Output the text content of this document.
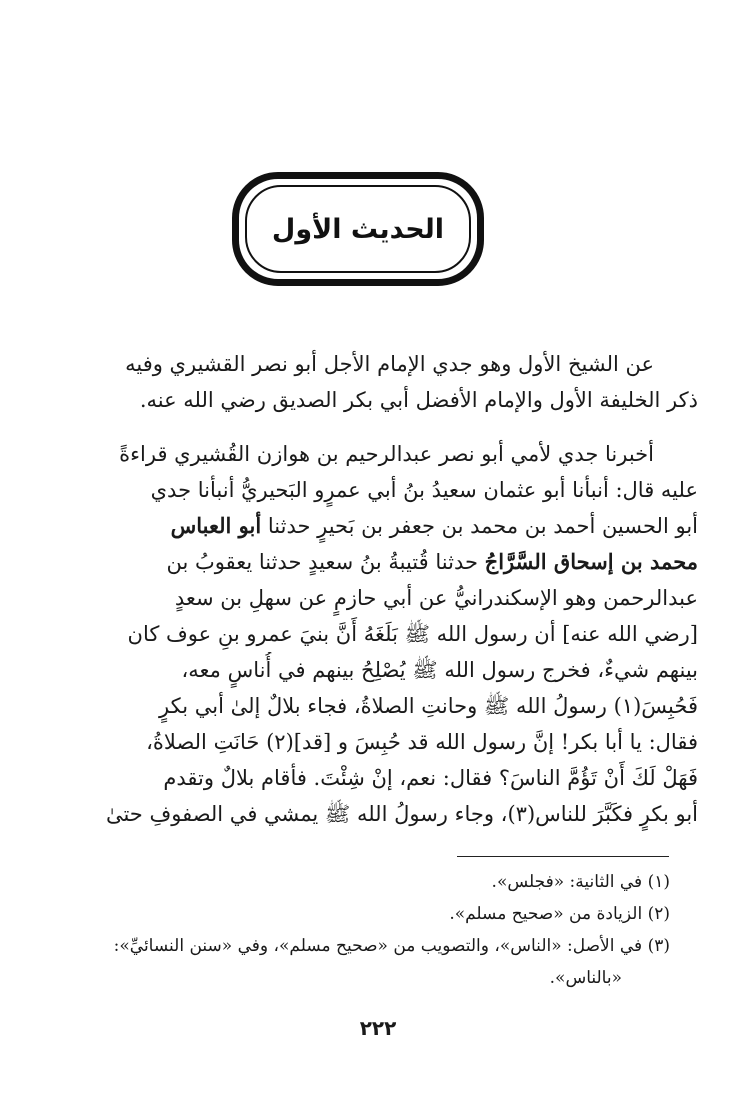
الحديث الأول
عن الشيخ الأول وهو جدي الإمام الأجل أبو نصر القشيري وفيه
ذكر الخليفة الأول والإمام الأفضل أبي بكر الصديق رضي الله عنه.
أخبرنا جدي لأمي أبو نصر عبدالرحيم بن هوازن القُشيري قراءةً
عليه قال: أنبأنا أبو عثمان سعيدُ بنُ أبي عمرٍو البَحيريُّ أنبأنا جدي
أبو الحسين أحمد بن محمد بن جعفر بن بَحيرٍ حدثنا أبو العباس
محمد بن إسحاق السَّرَّاجُ حدثنا قُتيبةُ بنُ سعيدٍ حدثنا يعقوبُ بن
عبدالرحمن وهو الإسكندرانيُّ عن أبي حازمٍ عن سهلِ بن سعدٍ
[رضي الله عنه] أن رسول الله ﷺ بَلَغَهُ أَنَّ بنيَ عمرو بنِ عوف كان
بينهم شيءٌ، فخرج رسول الله ﷺ يُصْلِحُ بينهم في أُناسٍ معه،
فَحُبِسَ(١) رسولُ الله ﷺ وحانتِ الصلاةُ، فجاء بلالٌ إلىٰ أبي بكرٍ
فقال: يا أبا بكر! إنَّ رسول الله قد حُبِسَ و [قد](٢) حَانَتِ الصلاةُ،
فَهَلْ لَكَ أَنْ تَؤُمَّ الناسَ؟ فقال: نعم، إنْ شِئْتَ. فأقام بلالٌ وتقدم
أبو بكرٍ فكَبَّرَ للناس(٣)، وجاء رسولُ الله ﷺ يمشي في الصفوفِ حتىٰ
(١) في الثانية: «فجلس».
(٢) الزيادة من «صحيح مسلم».
(٣) في الأصل: «الناس»، والتصويب من «صحيح مسلم»، وفي «سنن النسائيِّ»:
«بالناس».
٢٢٢
